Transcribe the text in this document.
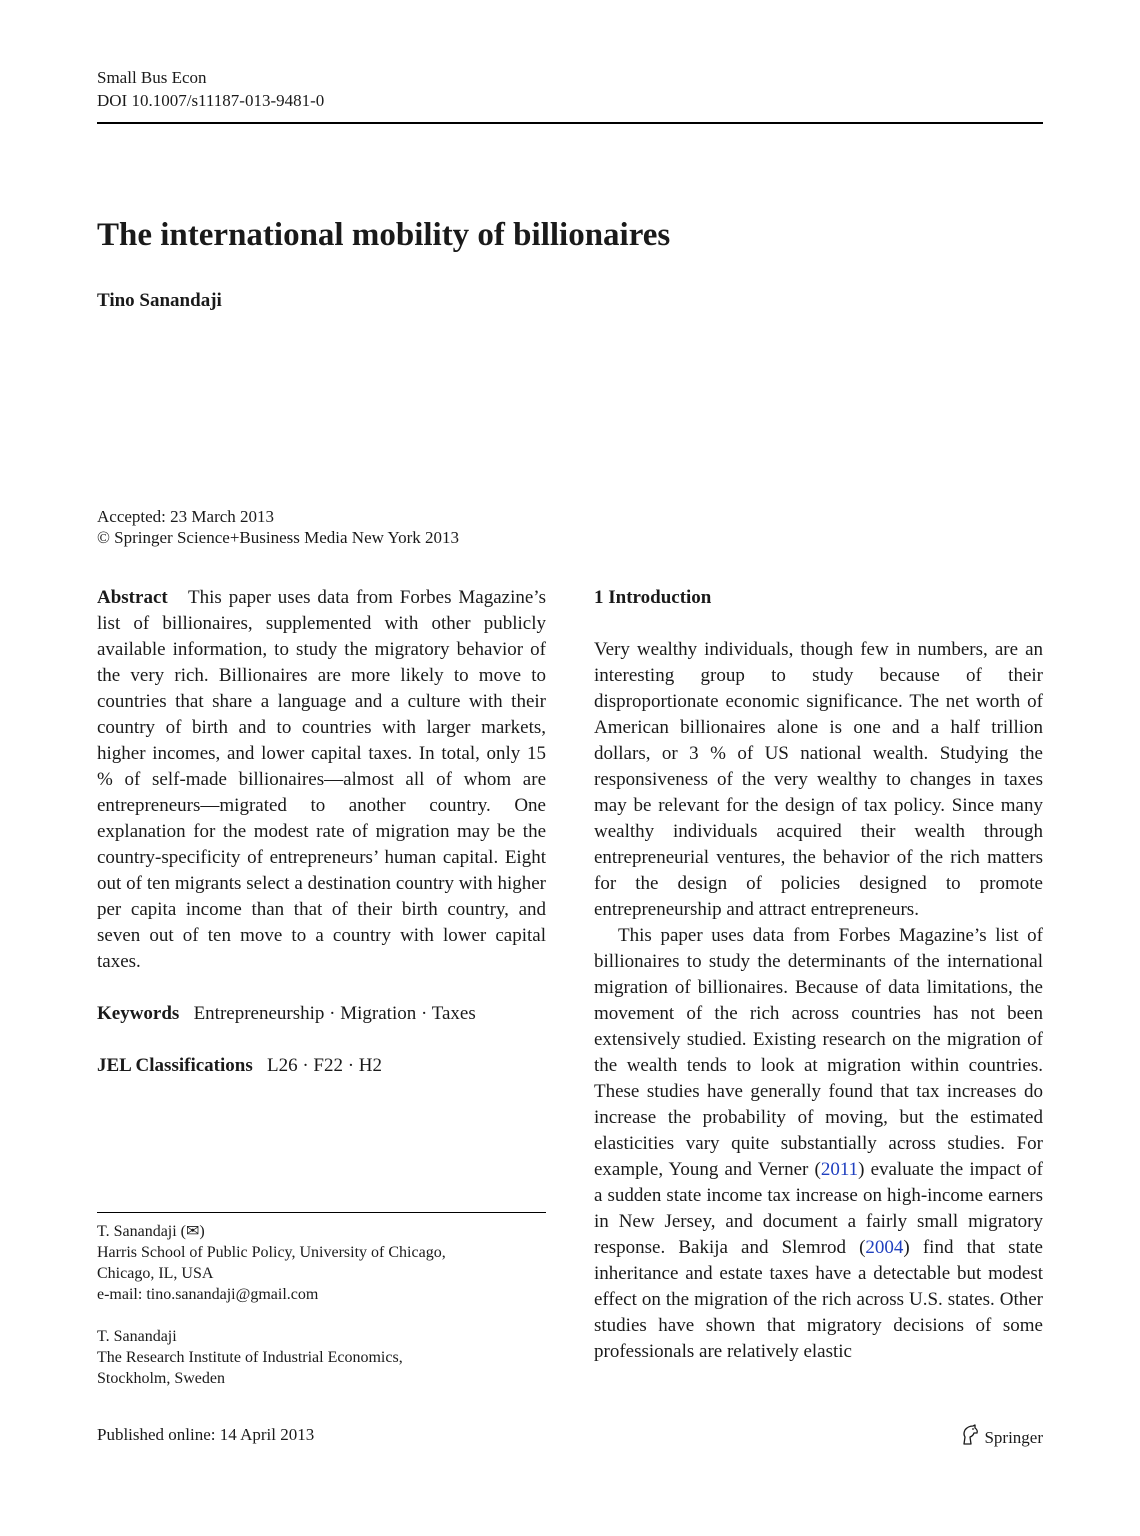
Small Bus Econ
DOI 10.1007/s11187-013-9481-0
The international mobility of billionaires
Tino Sanandaji
Accepted: 23 March 2013
© Springer Science+Business Media New York 2013

Abstract This paper uses data from Forbes Magazine’s list of billionaires, supplemented with other publicly available information, to study the migratory behavior of the very rich. Billionaires are more likely to move to countries that share a language and a culture with their country of birth and to countries with larger markets, higher incomes, and lower capital taxes. In total, only 15 % of self-made billionaires—almost all of whom are entrepreneurs—migrated to another country. One explanation for the modest rate of migration may be the country-specificity of entrepreneurs’ human capital. Eight out of ten migrants select a destination country with higher per capita income than that of their birth country, and seven out of ten move to a country with lower capital taxes.

Keywords Entrepreneurship · Migration · Taxes
JEL Classifications L26 · F22 · H2
T. Sanandaji (✉)
Harris School of Public Policy, University of Chicago,
Chicago, IL, USA
e-mail: tino.sanandaji@gmail.com
T. Sanandaji
The Research Institute of Industrial Economics,
Stockholm, Sweden
1 Introduction

Very wealthy individuals, though few in numbers, are an interesting group to study because of their disproportionate economic significance. The net worth of American billionaires alone is one and a half trillion dollars, or 3 % of US national wealth. Studying the responsiveness of the very wealthy to changes in taxes may be relevant for the design of tax policy. Since many wealthy individuals acquired their wealth through entrepreneurial ventures, the behavior of the rich matters for the design of policies designed to promote entrepreneurship and attract entrepreneurs.

This paper uses data from Forbes Magazine’s list of billionaires to study the determinants of the international migration of billionaires. Because of data limitations, the movement of the rich across countries has not been extensively studied. Existing research on the migration of the wealth tends to look at migration within countries. These studies have generally found that tax increases do increase the probability of moving, but the estimated elasticities vary quite substantially across studies. For example, Young and Verner (2011) evaluate the impact of a sudden state income tax increase on high-income earners in New Jersey, and document a fairly small migratory response. Bakija and Slemrod (2004) find that state inheritance and estate taxes have a detectable but modest effect on the migration of the rich across U.S. states. Other studies have shown that migratory decisions of some professionals are relatively elastic

Published online: 14 April 2013	Springer
